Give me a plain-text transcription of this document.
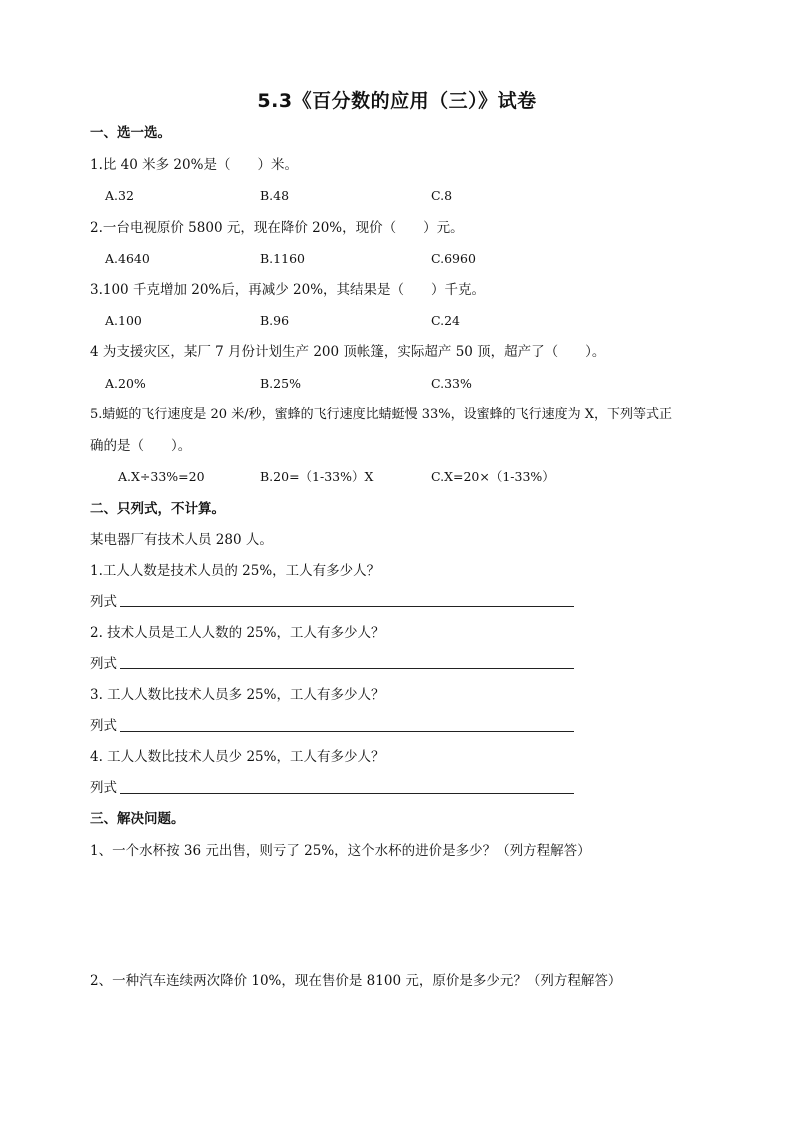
5.3《百分数的应用（三）》试卷
一、选一选。
1.比 40 米多 20%是（　　）米。
A.32	B.48	C.8
2.一台电视原价 5800 元，现在降价 20%，现价（　　）元。
A.4640	B.1160	C.6960
3.100 千克增加 20%后，再减少 20%，其结果是（　　）千克。
A.100	B.96	C.24
4 为支援灾区，某厂 7 月份计划生产 200 顶帐篷，实际超产 50 顶，超产了（　　）。
A.20%	B.25%	C.33%
5.蜻蜓的飞行速度是 20 米/秒，蜜蜂的飞行速度比蜻蜓慢 33%，设蜜蜂的飞行速度为 X，下列等式正
确的是（　　）。
A.X÷33%=20	B.20=（1-33%）X	C.X=20×（1-33%）
二、只列式，不计算。
某电器厂有技术人员 280 人。
1.工人人数是技术人员的 25%，工人有多少人？
列式
2. 技术人员是工人人数的 25%，工人有多少人？
列式
3. 工人人数比技术人员多 25%，工人有多少人？
列式
4. 工人人数比技术人员少 25%，工人有多少人？
列式
三、解决问题。
1、一个水杯按 36 元出售，则亏了 25%，这个水杯的进价是多少？（列方程解答）
2、一种汽车连续两次降价 10%，现在售价是 8100 元，原价是多少元？（列方程解答）
